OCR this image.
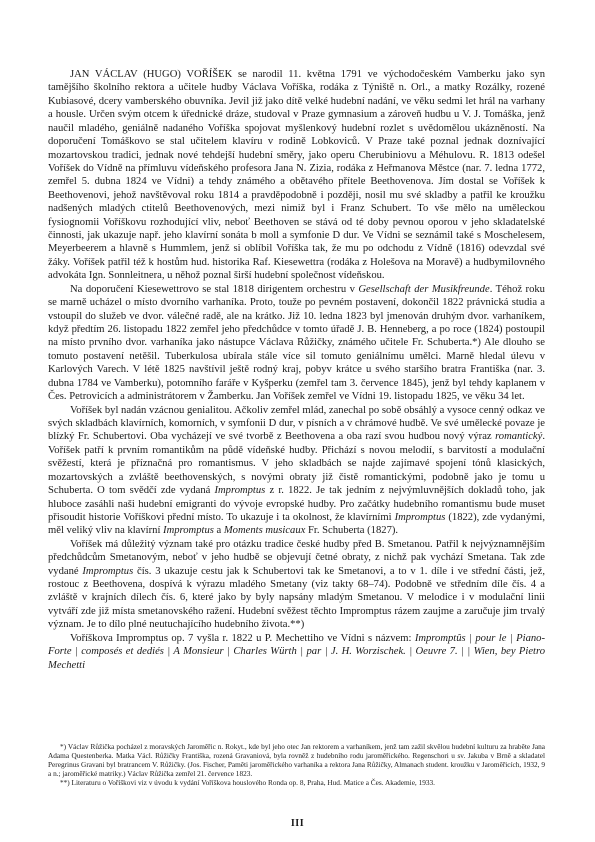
JAN VÁCLAV (HUGO) VOŘÍŠEK se narodil 11. května 1791 ve východočeském Vamberku jako syn tamějšího školního rektora a učitele hudby Václava Voříška, rodáka z Týniště n. Orl., a matky Rozálky, rozené Kubiasové, dcery vamberského obuvníka. Jevil již jako dítě velké hudební nadání, ve věku sedmi let hrál na varhany a housle. Určen svým otcem k úřednické dráze, studoval v Praze gymnasium a zároveň hudbu u V. J. Tomáška, jenž naučil mladého, geniálně nadaného Voříška spojovat myšlenkový hudební rozlet s uvědomělou ukázněností. Na doporučení Tomáškovo se stal učitelem klavíru v rodině Lobkoviců. V Praze také poznal jednak doznívající mozartovskou tradici, jednak nové tehdejší hudební směry, jako operu Cherubiniovu a Méhulovu. R. 1813 odešel Voříšek do Vídně na přímluvu vídeňského profesora Jana N. Zizia, rodáka z Heřmanova Městce (nar. 7. ledna 1772, zemřel 5. dubna 1824 ve Vídni) a tehdy známého a obětavého přítele Beethovenova. Jím dostal se Voříšek k Beethovenovi, jehož navštěvoval roku 1814 a pravděpodobně i později, nosil mu své skladby a patřil ke kroužku nadšených mladých ctitelů Beethovenových, mezi nimiž byl i Franz Schubert. To vše mělo na uměleckou fysiognomii Voříškovu rozhodující vliv, neboť Beethoven se stává od té doby pevnou oporou v jeho skladatelské činnosti, jak ukazuje např. jeho klavírní sonáta b moll a symfonie D dur. Ve Vídni se seznámil také s Moschelesem, Meyerbeerem a hlavně s Hummlem, jenž si oblíbil Voříška tak, že mu po odchodu z Vídně (1816) odevzdal své žáky. Voříšek patřil též k hostům hud. historika Raf. Kiesewettra (rodáka z Holešova na Moravě) a hudbymilovného advokáta Ign. Sonnleitnera, u něhož poznal širší hudební společnost vídeňskou.

Na doporučení Kiesewettrovo se stal 1818 dirigentem orchestru v Gesellschaft der Musikfreunde. Téhož roku se marně ucházel o místo dvorního varhaníka. Proto, touže po pevném postavení, dokončil 1822 právnická studia a vstoupil do služeb ve dvor. válečné radě, ale na krátko. Již 10. ledna 1823 byl jmenován druhým dvor. varhaníkem, když předtím 26. listopadu 1822 zemřel jeho předchůdce v tomto úřadě J. B. Henneberg, a po roce (1824) postoupil na místo prvního dvor. varhaníka jako nástupce Václava Růžičky, známého učitele Fr. Schuberta.*) Ale dlouho se tomuto postavení netěšil. Tuberkulosa ubírala stále více sil tomuto geniálnímu umělci. Marně hledal úlevu v Karlových Varech. V létě 1825 navštívil ještě rodný kraj, pobyv krátce u svého staršího bratra Františka (nar. 3. dubna 1784 ve Vamberku), potomního faráře v Kyšperku (zemřel tam 3. července 1845), jenž byl tehdy kaplanem v Čes. Petrovicích a administrátorem v Žamberku. Jan Voříšek zemřel ve Vídni 19. listopadu 1825, ve věku 34 let.

Voříšek byl nadán vzácnou genialitou. Ačkoliv zemřel mlád, zanechal po sobě obsáhlý a vysoce cenný odkaz ve svých skladbách klavírních, komorních, v symfonii D dur, v písních a v chrámové hudbě. Ve své umělecké povaze je blízký Fr. Schubertovi. Oba vycházejí ve své tvorbě z Beethovena a oba razí svou hudbou nový výraz romantický. Voříšek patří k prvním romantikům na půdě vídeňské hudby. Přichází s novou melodií, s barvitostí a modulační svěžestí, která je příznačná pro romantismus. V jeho skladbách se najde zajímavé spojení tónů klasických, mozartovských a zvláště beethovenských, s novými obraty již čistě romantickými, podobně jako je tomu u Schuberta. O tom svědčí zde vydaná Impromptus z r. 1822. Je tak jedním z nejvýmluvnějších dokladů toho, jak hluboce zasáhli naši hudební emigranti do vývoje evropské hudby. Pro začátky hudebního romantismu bude muset přisoudit historie Voříškovi přední místo. To ukazuje i ta okolnost, že klavírními Impromptus (1822), zde vydanými, měl veliký vliv na klavírní Impromptus a Moments musicaux Fr. Schuberta (1827).

Voříšek má důležitý význam také pro otázku tradice české hudby před B. Smetanou. Patřil k nejvýznamnějším předchůdcům Smetanovým, neboť v jeho hudbě se objevují četné obraty, z nichž pak vychází Smetana. Tak zde vydané Impromptus čís. 3 ukazuje cestu jak k Schubertovi tak ke Smetanovi, a to v 1. díle i ve střední části, jež, rostouc z Beethovena, dospívá k výrazu mladého Smetany (viz takty 68–74). Podobně ve středním díle čís. 4 a zvláště v krajních dílech čís. 6, které jako by byly napsány mladým Smetanou. V melodice i v modulační linii vytváří zde již místa smetanovského ražení. Hudební svěžest těchto Impromptus rázem zaujme a zaručuje jim trvalý význam. Je to dílo plné neutuchajícího hudebního života.**)

Voříškova Impromptus op. 7 vyšla r. 1822 u P. Mechettiho ve Vídni s názvem: Impromptûs | pour le | Piano-Forte | composés et dediés | A Monsieur | Charles Würth | par | J. H. Worzischek. | Oeuvre 7. | | Wien, bey Pietro Mechetti

*) Václav Růžička pocházel z moravských Jaroměřic n. Rokyt., kde byl jeho otec Jan rektorem a varhaníkem, jenž tam zažil skvělou hudební kulturu za hraběte Jana Adama Questenberka. Matka Václ. Růžičky Františka, rozená Gravaniová, byla rovněž z hudebního rodu jaroměřického. Regenschori u sv. Jakuba v Brně a skladatel Peregrinus Gravani byl bratrancem V. Růžičky. (Jos. Fischer, Paměti jaroměřického varhaníka a rektora Jana Růžičky, Almanach student. kroužku v Jaroměřicích, 1932, 9 a n.; jaroměřické matriky.) Václav Růžička zemřel 21. července 1823.

**) Literaturu o Voříškovi viz v úvodu k vydání Voříškova houslového Ronda op. 8, Praha, Hud. Matice a Čes. Akademie, 1933.

III
